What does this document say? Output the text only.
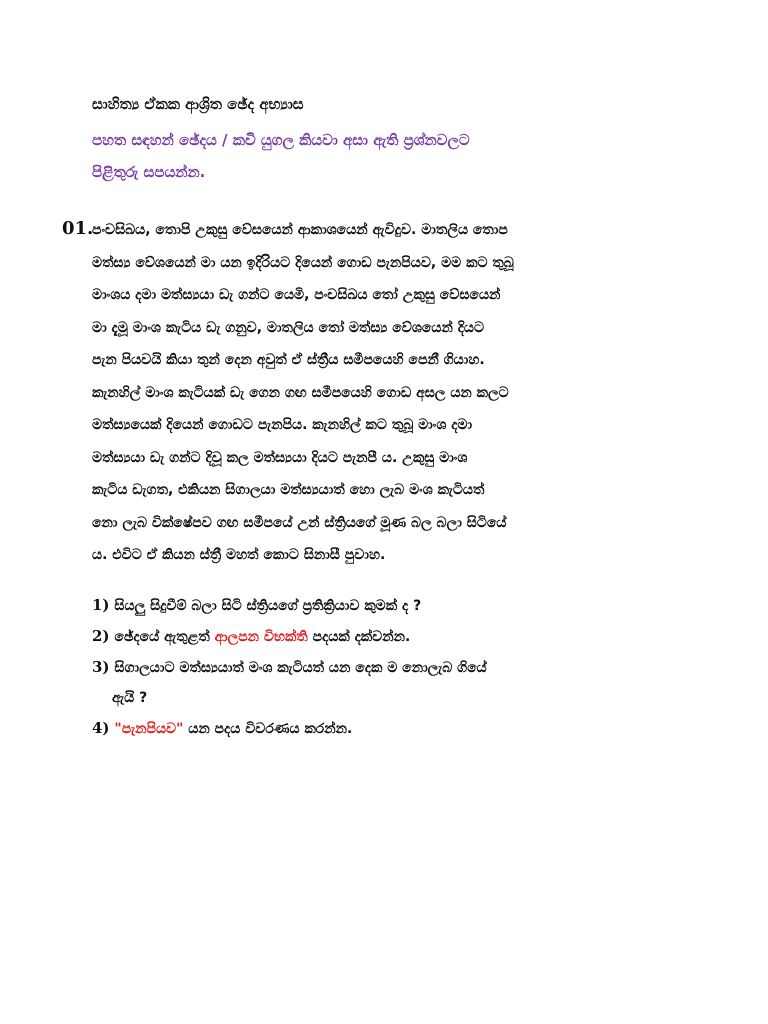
සාහිත්‍ය ඒකක ආශ්‍රිත ඡේද අභ්‍යාස
පහත සඳහන් ඡේදය / කවි යුගල කියවා අසා ඇති ප්‍රශ්නවලට
පිළිතුරු සපයන්න.
01.
පංචසිඛය, තොපි උකුසු වේසයෙන් ආකාශයෙන් ඇවිදුව. මාතලිය තොප
මත්ස්‍ය වේශයෙන් මා යන ඉදිරියට දියෙන් ගොඩ පැනපියව, මම කට තුබූ
මාංශය දමා මත්ස්‍යයා ඩැ ගන්ට යෙමි, පංචසිඛය තෝ උකුසු වේසයෙන්
මා දැමූ මාංශ කැටිය ඩැ ගනුව, මාතලිය තෝ මත්ස්‍ය වේශයෙන් දියට
පැන පියවයි කියා තුන් දෙන අවුත් ඒ ස්ත්‍රීය සමීපයෙහි පෙනී ගියාහ.
කැනහිල් මාංශ කැටියක් ඩැ ගෙන ගඟ සමීපයෙහි ගොඩ අසල යන කලට
මත්ස්‍යයෙක් දියෙන් ගොඩට පැනපිය. කැනහිල් කට තුබූ මාංශ දමා
මත්ස්‍යයා ඩැ ගන්ට දිවූ කල මත්ස්‍යයා දියට පැනපී ය. උකුසු මාංශ
කැටිය ඩැගත, එකියන සිගාලයා මත්ස්‍යයාත් හො ලැබ මංශ කැටියත්
නො ලැබ වික්ෂේපව ගඟ සමීපයේ උන් ස්ත්‍රියගේ මූණ බල බලා සිටියේ
ය. එවිට ඒ කියන ස්ත්‍රී මහත් කොට සිනාසී පුවාහ.
1) සියලු සිදුවීම් බලා සිටි ස්ත්‍රියගේ ප්‍රතික්‍රියාව කුමක් ද ?
2) ඡේදයේ ඇතුළත් ආලපන විභක්ති පදයක් දක්වන්න.
3) සිගාලයාට මත්ස්‍යයාත් මංශ කැටියත් යන දෙක ම නොලැබ ගියේ
ඇයි ?
4) "පැනපියව" යන පදය විවරණය කරන්න.
